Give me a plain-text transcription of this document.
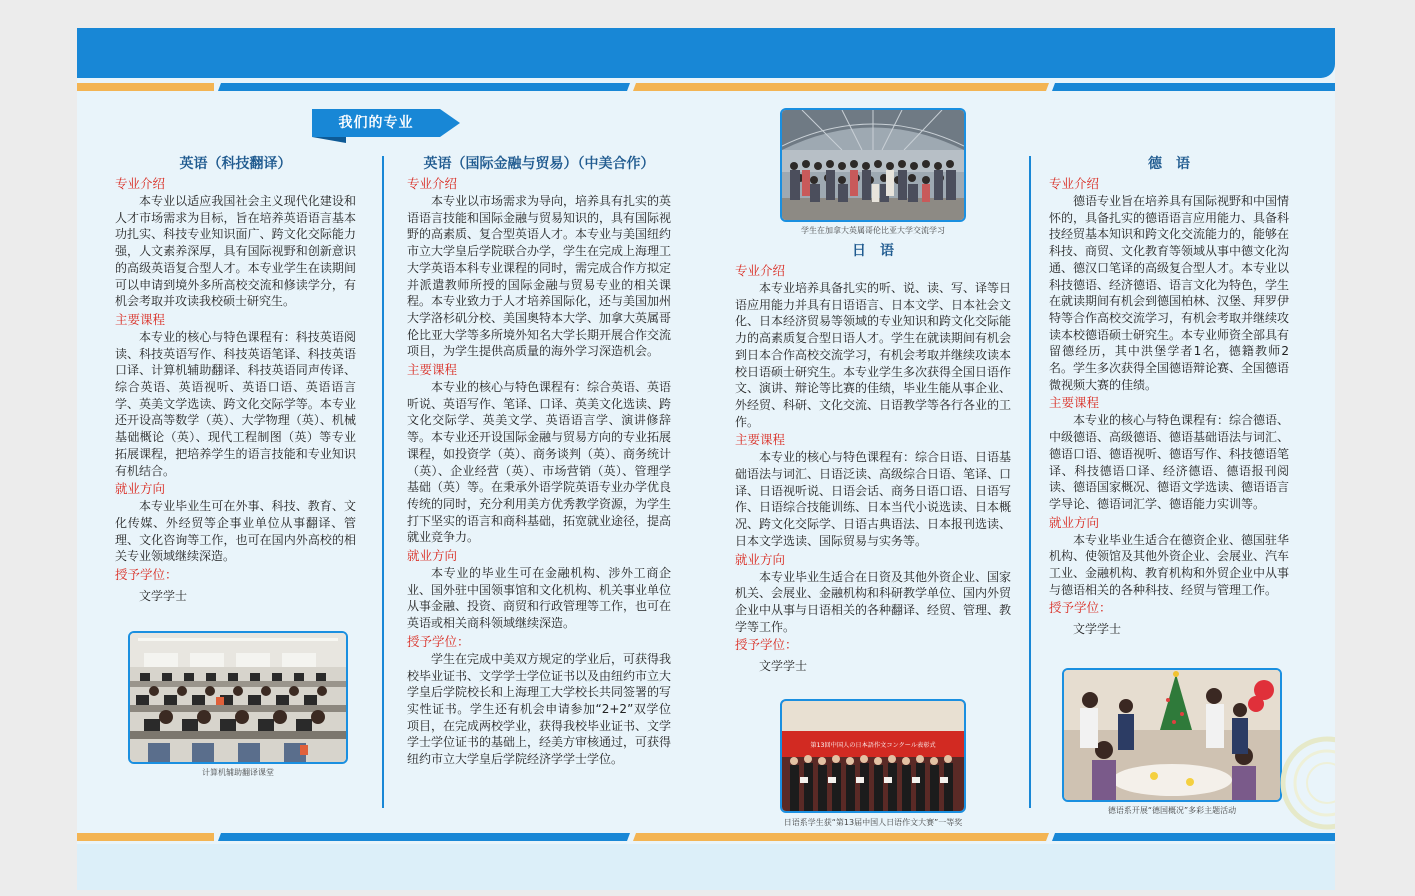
我们的专业
英语（科技翻译）
专业介绍

本专业以适应我国社会主义现代化建设和人才市场需求为目标，旨在培养英语语言基本功扎实、科技专业知识面广、跨文化交际能力强，人文素养深厚，具有国际视野和创新意识的高级英语复合型人才。本专业学生在读期间可以申请到境外多所高校交流和修读学分，有机会考取并攻读我校硕士研究生。

主要课程

本专业的核心与特色课程有：科技英语阅读、科技英语写作、科技英语笔译、科技英语口译、计算机辅助翻译、科技英语同声传译、综合英语、英语视听、英语口语、英语语言学、英美文学选读、跨文化交际学等。本专业还开设高等数学（英）、大学物理（英）、机械基础概论（英）、现代工程制图（英）等专业拓展课程，把培养学生的语言技能和专业知识有机结合。

就业方向

本专业毕业生可在外事、科技、教育、文化传媒、外经贸等企事业单位从事翻译、管理、文化咨询等工作，也可在国内外高校的相关专业领域继续深造。

授予学位：
文学学士
计算机辅助翻译课堂
英语（国际金融与贸易）（中美合作）
专业介绍

本专业以市场需求为导向，培养具有扎实的英语语言技能和国际金融与贸易知识的，具有国际视野的高素质、复合型英语人才。本专业与美国纽约市立大学皇后学院联合办学，学生在完成上海理工大学英语本科专业课程的同时，需完成合作方拟定并派遣教师所授的国际金融与贸易专业的相关课程。本专业致力于人才培养国际化，还与美国加州大学洛杉矶分校、美国奥特本大学、加拿大英属哥伦比亚大学等多所境外知名大学长期开展合作交流项目，为学生提供高质量的海外学习深造机会。

主要课程

本专业的核心与特色课程有：综合英语、英语听说、英语写作、笔译、口译、英美文化选读、跨文化交际学、英美文学、英语语言学、演讲修辞等。本专业还开设国际金融与贸易方向的专业拓展课程，如投资学（英）、商务谈判（英）、商务统计（英）、企业经营（英）、市场营销（英）、管理学基础（英）等。在秉承外语学院英语专业办学优良传统的同时，充分利用美方优秀教学资源，为学生打下坚实的语言和商科基础，拓宽就业途径，提高就业竞争力。

就业方向

本专业的毕业生可在金融机构、涉外工商企业、国外驻中国领事馆和文化机构、机关事业单位从事金融、投资、商贸和行政管理等工作，也可在英语或相关商科领域继续深造。

授予学位：

学生在完成中美双方规定的学业后，可获得我校毕业证书、文学学士学位证书以及由纽约市立大学皇后学院校长和上海理工大学校长共同签署的写实性证书。学生还有机会申请参加“2+2”双学位项目，在完成两校学业，获得我校毕业证书、文学学士学位证书的基础上，经美方审核通过，可获得纽约市立大学皇后学院经济学学士学位。

学生在加拿大英属哥伦比亚大学交流学习
日　语
专业介绍

本专业培养具备扎实的听、说、读、写、译等日语应用能力并具有日语语言、日本文学、日本社会文化、日本经济贸易等领域的专业知识和跨文化交际能力的高素质复合型日语人才。学生在就读期间有机会到日本合作高校交流学习，有机会考取并继续攻读本校日语硕士研究生。本专业学生多次获得全国日语作文、演讲、辩论等比赛的佳绩，毕业生能从事企业、外经贸、科研、文化交流、日语教学等各行各业的工作。

主要课程

本专业的核心与特色课程有：综合日语、日语基础语法与词汇、日语泛读、高级综合日语、笔译、口译、日语视听说、日语会话、商务日语口语、日语写作、日语综合技能训练、日本当代小说选读、日本概况、跨文化交际学、日语古典语法、日本报刊选读、日本文学选读、国际贸易与实务等。

就业方向

本专业毕业生适合在日资及其他外资企业、国家机关、会展业、金融机构和科研教学单位、国内外贸企业中从事与日语相关的各种翻译、经贸、管理、教学等工作。

授予学位：
文学学士
第13回中国人の日本語作文コンクール表彰式
日语系学生获“第13届中国人日语作文大赛”一等奖
德　语
专业介绍

德语专业旨在培养具有国际视野和中国情怀的，具备扎实的德语语言应用能力、具备科技经贸基本知识和跨文化交流能力的，能够在科技、商贸、文化教育等领域从事中德文化沟通、德汉口笔译的高级复合型人才。本专业以科技德语、经济德语、语言文化为特色，学生在就读期间有机会到德国柏林、汉堡、拜罗伊特等合作高校交流学习，有机会考取并继续攻读本校德语硕士研究生。本专业师资全部具有留德经历，其中洪堡学者1名，德籍教师2名。学生多次获得全国德语辩论赛、全国德语微视频大赛的佳绩。

主要课程

本专业的核心与特色课程有：综合德语、中级德语、高级德语、德语基础语法与词汇、德语口语、德语视听、德语写作、科技德语笔译、科技德语口译、经济德语、德语报刊阅读、德语国家概况、德语文学选读、德语语言学导论、德语词汇学、德语能力实训等。

就业方向

本专业毕业生适合在德资企业、德国驻华机构、使领馆及其他外资企业、会展业、汽车工业、金融机构、教育机构和外贸企业中从事与德语相关的各种科技、经贸与管理工作。

授予学位：
文学学士
德语系开展“德国概况”多彩主题活动
